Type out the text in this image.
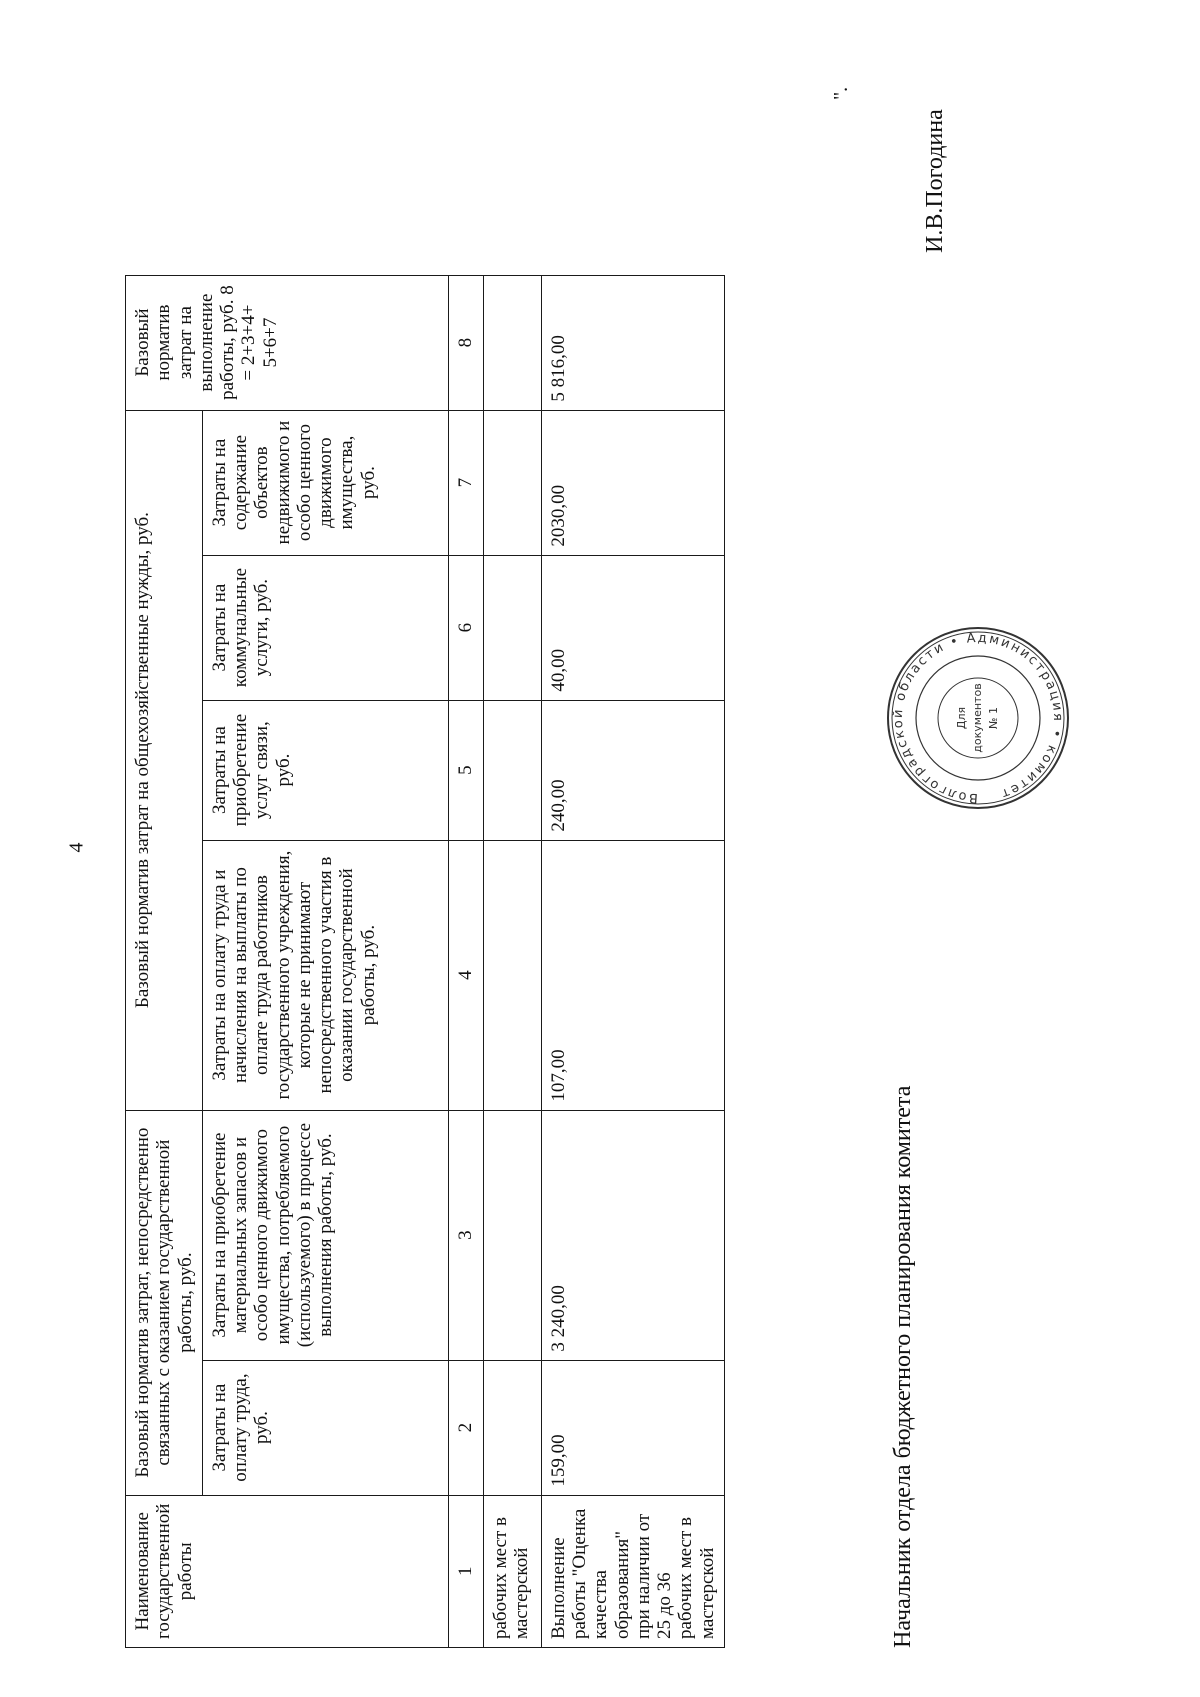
4
Наименование государственной работы	Базовый норматив затрат, непосредственно связанных с оказанием государственной работы, руб.		Базовый норматив затрат на общехозяйственные нужды, руб.				Базовый норматив затрат на выполнение работы, руб. 8 = 2+3+4+ 5+6+7
	Затраты на оплату труда, руб.	Затраты на приобретение материальных запасов и особо ценного движимого имущества, потребляемого (используемого) в процессе выполнения работы, руб.	Затраты на оплату труда и начисления на выплаты по оплате труда работников государственного учреждения, которые не принимают непосредственного участия в оказании государственной работы, руб.	Затраты на приобретение услуг связи, руб.	Затраты на коммунальные услуги, руб.	Затраты на содержание объектов недвижимого и особо ценного движимого имущества, руб.	
1	2	3	4	5	6	7	8
рабочих мест в мастерской							
Выполнение работы "Оценка качества образования" при наличии от 25 до 36 рабочих мест в мастерской	159,00	3 240,00	107,00	240,00	40,00	2030,00	5 816,00
".
Начальник отдела бюджетного планирования комитета
И.В.Погодина
Волгоградской области • Администрация • комитет
Для документов № 1
